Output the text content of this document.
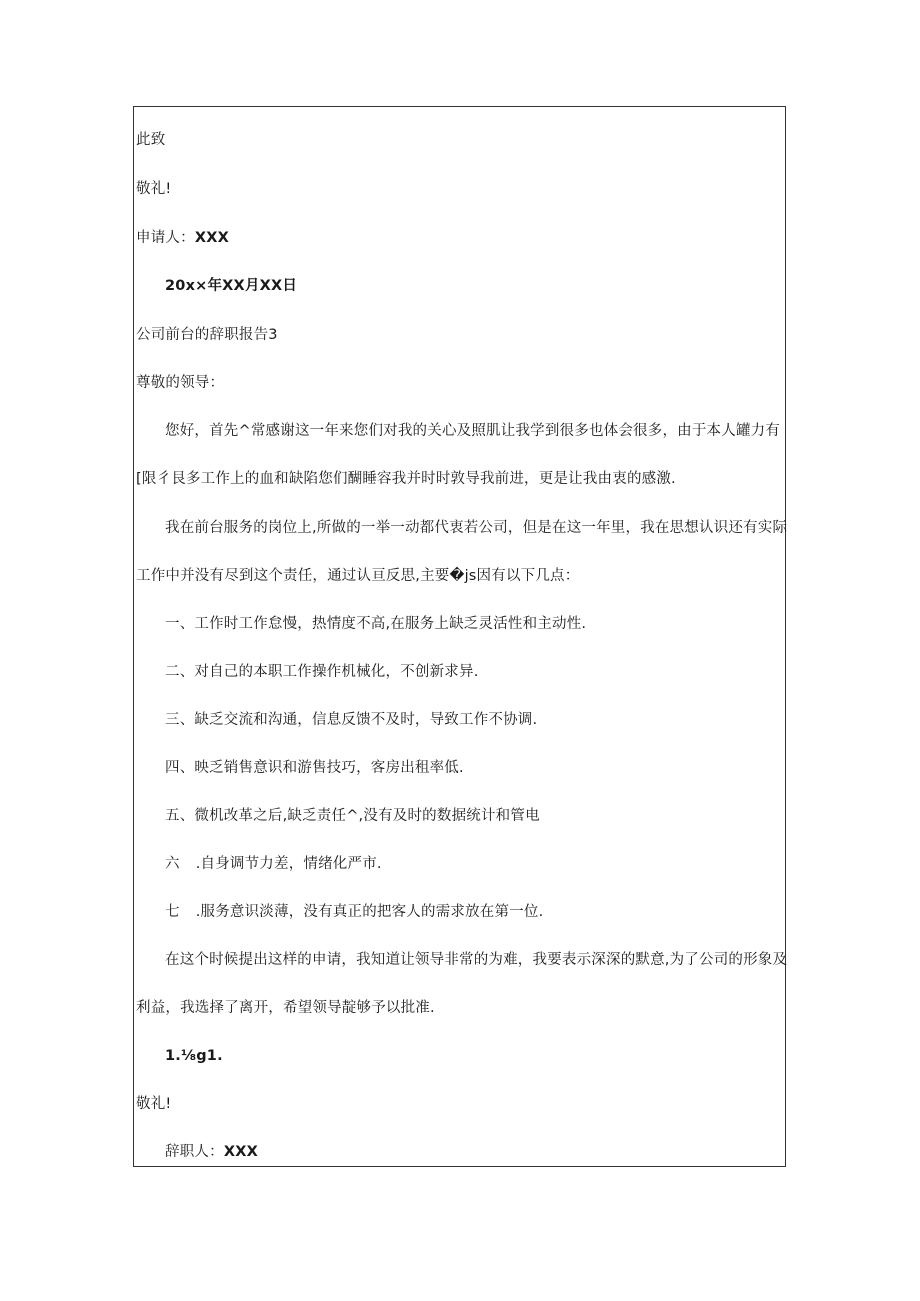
此致
敬礼!
申请人：XXX
20x×年XX月XX日
公司前台的辞职报告3
尊敬的领导：
您好，首先^常感谢这一年来您们对我的关心及照肌让我学到很多也体会很多，由于本人罐力有
[限彳艮多工作上的血和缺陷您们醐睡容我并时时敦导我前进，更是让我由衷的感激.
我在前台服务的岗位上,所做的一举一动都代衷若公司，但是在这一年里，我在思想认识还有实际
工作中并没有尽到这个责任，通过认亘反思,主要�js因有以下几点：
一、工作时工作怠慢，热情度不高,在服务上缺乏灵活性和主动性.
二、对自己的本职工作操作机械化，不创新求异.
三、缺乏交流和沟通，信息反馈不及时，导致工作不协调.
四、映乏销售意识和游售技巧，客房出租率低.
五、微机改革之后,缺乏责任^,没有及时的数据统计和管电
六 .自身调节力差，情绪化严市.
七 .服务意识淡薄，没有真正的把客人的需求放在第一位.
在这个时候提出这样的申请，我知道让领导非常的为难，我要表示深深的默意,为了公司的形象及
利益，我选择了离开，希望领导靛够予以批准.
1.⅛g1.
敬礼!
辞职人：XXX
